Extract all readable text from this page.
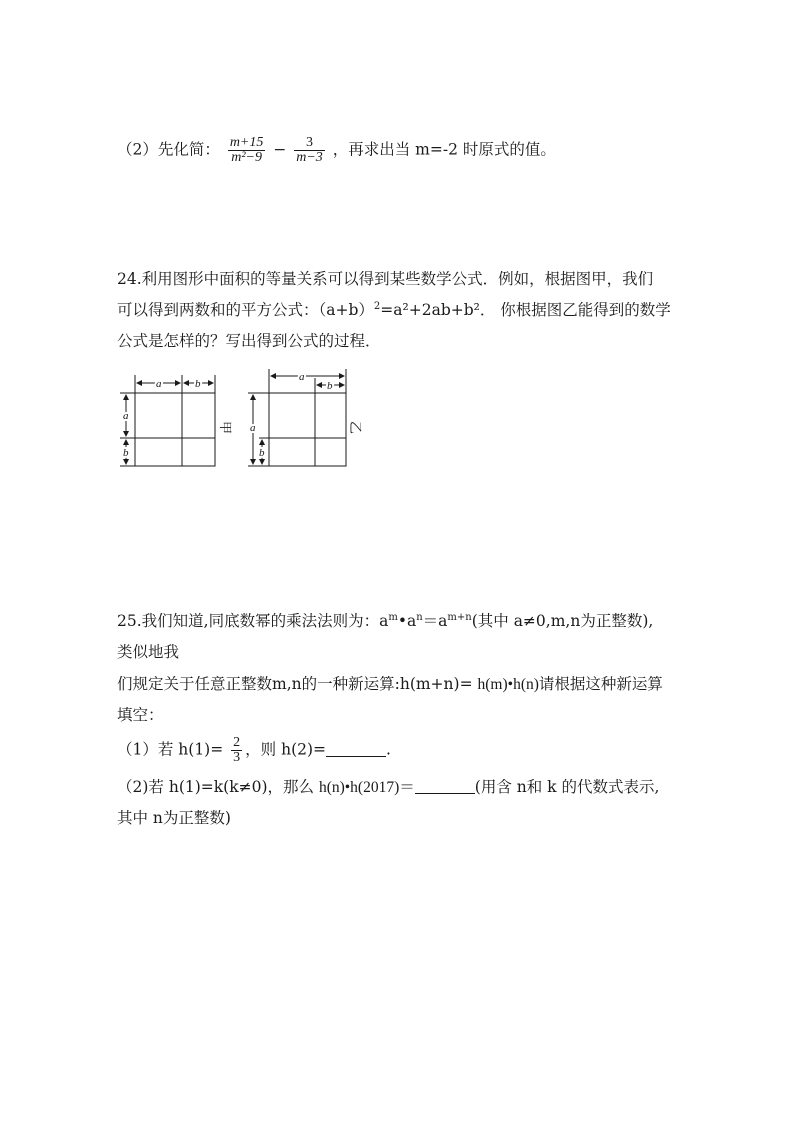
（2）先化简： $\frac{m+15}{\text{m²−9}} - \frac{3}{m-3}$ ，再求出当 m=-2 时原式的值。
24.利用图形中面积的等量关系可以得到某些数学公式．例如，根据图甲，我们
可以得到两数和的平方公式：$(a+b)^2=a^2+2ab+b^2$． 你根据图乙能得到的数学
公式是怎样的？写出得到公式的过程．
a	b
a
b
甲
a
b
a
b
乙
25.我们知道,同底数幂的乘法法则为：$a^m•a^n=a^{m+n}$(其中 a≠0,m,n为正整数),
类似地我
们规定关于任意正整数m,n的一种新运算:h(m+n)= h(m)•h(n)请根据这种新运算
填空：
（1）若 $h(1)= \frac{2}{3}$ ，则 h(2)=	.
（2)若 h(1)=k(k≠0)，那么 h(n)•h(2017)＝	(用含 n和 k 的代数式表示,
其中 n为正整数)
